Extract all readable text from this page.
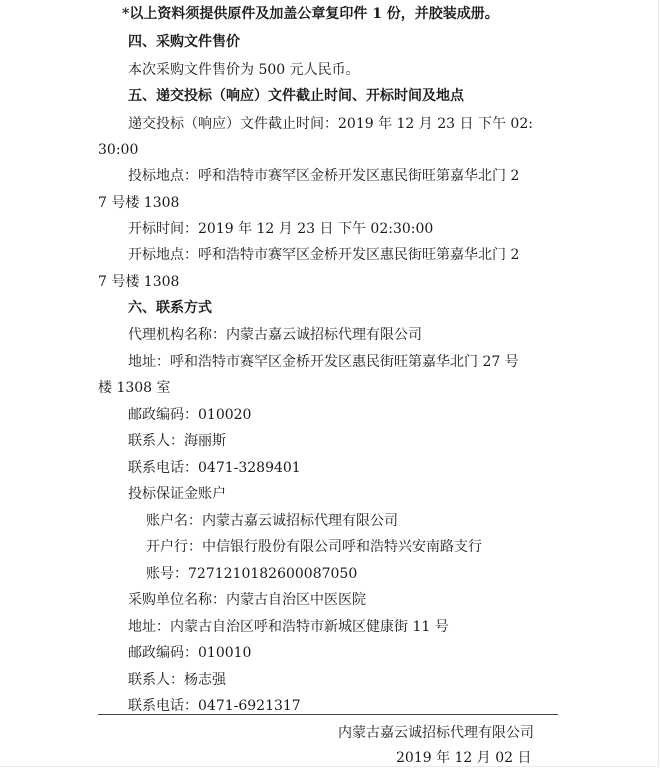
*以上资料须提供原件及加盖公章复印件 1 份，并胶装成册。
四、采购文件售价
本次采购文件售价为 500 元人民币。
五、递交投标（响应）文件截止时间、开标时间及地点
递交投标（响应）文件截止时间：2019 年 12 月 23 日 下午 02:
30:00
投标地点：呼和浩特市赛罕区金桥开发区惠民街旺第嘉华北门 2
7 号楼 1308
开标时间：2019 年 12 月 23 日 下午 02:30:00
开标地点：呼和浩特市赛罕区金桥开发区惠民街旺第嘉华北门 2
7 号楼 1308
六、联系方式
代理机构名称：内蒙古嘉云诚招标代理有限公司
地址：呼和浩特市赛罕区金桥开发区惠民街旺第嘉华北门 27 号
楼 1308 室
邮政编码：010020
联系人：海丽斯
联系电话：0471-3289401
投标保证金账户
账户名：内蒙古嘉云诚招标代理有限公司
开户行：中信银行股份有限公司呼和浩特兴安南路支行
账号：7271210182600087050
采购单位名称：内蒙古自治区中医医院
地址：内蒙古自治区呼和浩特市新城区健康街 11 号
邮政编码：010010
联系人：杨志强
联系电话：0471-6921317
内蒙古嘉云诚招标代理有限公司
2019 年 12 月 02 日
